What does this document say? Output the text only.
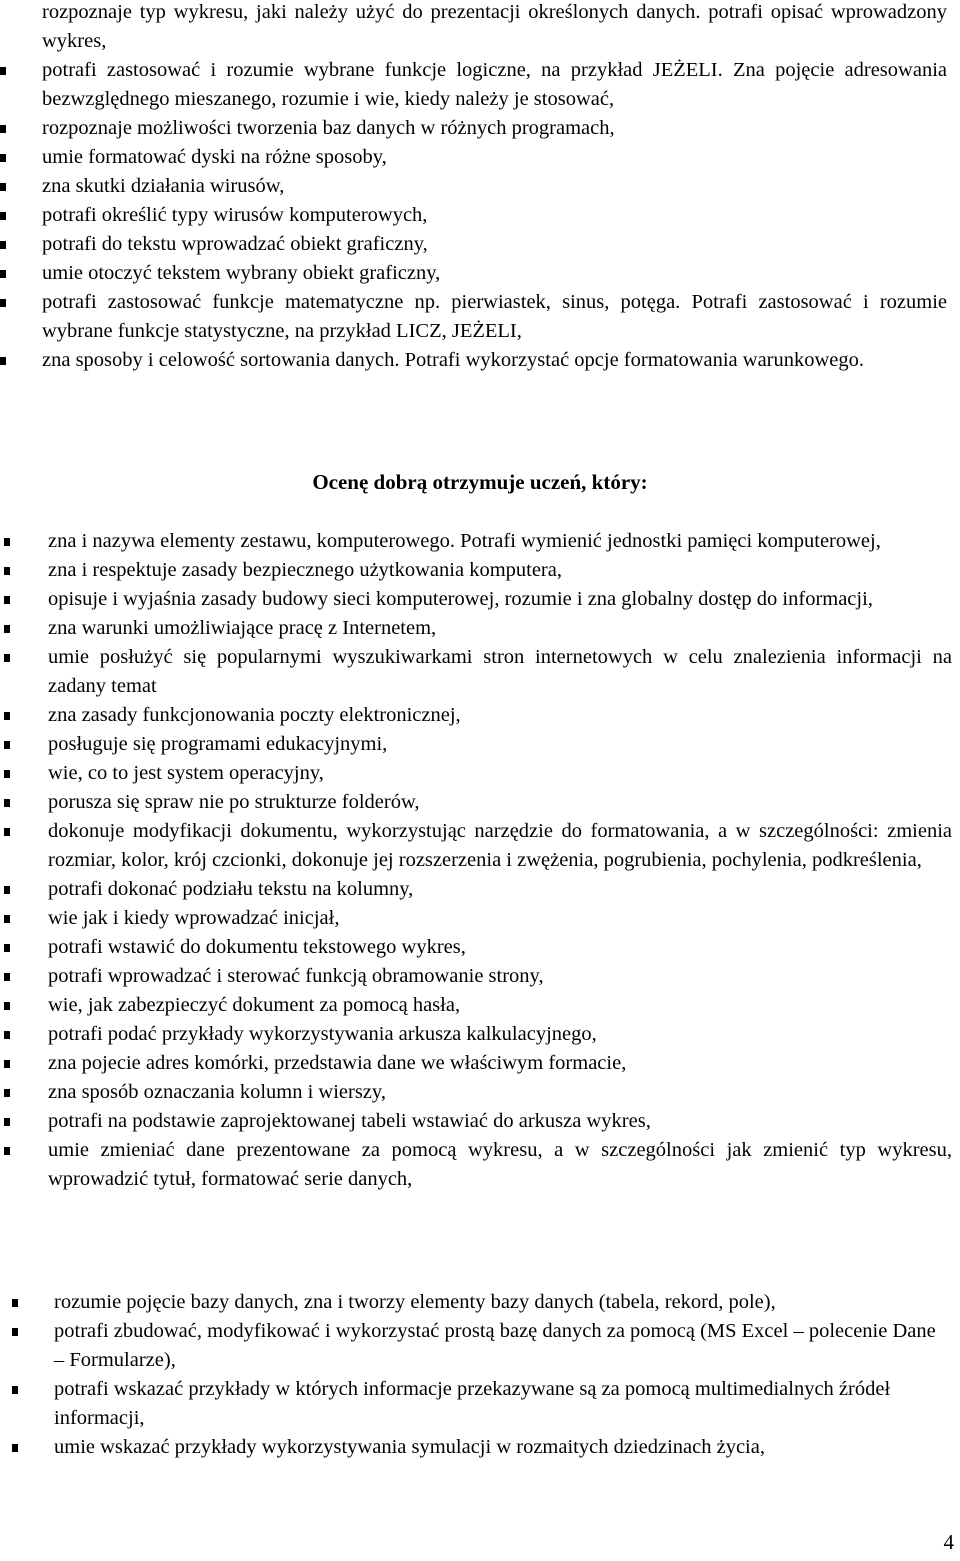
rozpoznaje typ wykresu, jaki należy użyć do prezentacji określonych danych. potrafi opisać wprowadzony wykres,
potrafi zastosować i rozumie wybrane funkcje logiczne, na przykład JEŻELI. Zna pojęcie adresowania bezwzględnego mieszanego, rozumie i wie, kiedy należy je stosować,
rozpoznaje możliwości tworzenia baz danych w różnych programach,
umie formatować dyski na różne sposoby,
zna skutki działania wirusów,
potrafi określić typy wirusów komputerowych,
potrafi do tekstu wprowadzać obiekt graficzny,
umie otoczyć tekstem wybrany obiekt graficzny,
potrafi zastosować funkcje matematyczne np. pierwiastek, sinus, potęga. Potrafi zastosować i rozumie wybrane funkcje statystyczne, na przykład LICZ, JEŻELI,
zna sposoby i celowość sortowania danych. Potrafi wykorzystać opcje formatowania warunkowego.
Ocenę dobrą otrzymuje uczeń, który:
zna i nazywa elementy zestawu, komputerowego. Potrafi wymienić jednostki pamięci komputerowej,
zna i respektuje zasady bezpiecznego użytkowania komputera,
opisuje i wyjaśnia zasady budowy sieci komputerowej, rozumie i zna globalny dostęp do informacji,
zna warunki umożliwiające pracę z Internetem,
umie posłużyć się popularnymi wyszukiwarkami stron internetowych w celu znalezienia informacji na zadany temat
zna zasady funkcjonowania poczty elektronicznej,
posługuje się programami edukacyjnymi,
wie, co to jest system operacyjny,
porusza się spraw nie po strukturze folderów,
dokonuje modyfikacji dokumentu, wykorzystując narzędzie do formatowania, a w szczególności: zmienia rozmiar, kolor, krój czcionki, dokonuje jej rozszerzenia i zwężenia, pogrubienia, pochylenia, podkreślenia,
potrafi dokonać podziału tekstu na kolumny,
wie jak i kiedy wprowadzać inicjał,
potrafi wstawić do dokumentu tekstowego wykres,
potrafi wprowadzać i sterować funkcją obramowanie strony,
wie, jak zabezpieczyć dokument za pomocą hasła,
potrafi podać przykłady wykorzystywania arkusza kalkulacyjnego,
zna pojecie adres komórki, przedstawia dane we właściwym formacie,
zna sposób oznaczania kolumn i wierszy,
potrafi na podstawie zaprojektowanej tabeli wstawiać do arkusza wykres,
umie zmieniać dane prezentowane za pomocą wykresu, a w szczególności jak zmienić typ wykresu, wprowadzić tytuł, formatować serie danych,
rozumie pojęcie bazy danych, zna i tworzy elementy bazy danych (tabela, rekord, pole),
potrafi zbudować, modyfikować i wykorzystać prostą bazę danych za pomocą (MS Excel – polecenie Dane – Formularze),
potrafi wskazać przykłady w których informacje przekazywane są za pomocą multimedialnych źródeł informacji,
umie wskazać przykłady wykorzystywania symulacji w rozmaitych dziedzinach życia,
4
